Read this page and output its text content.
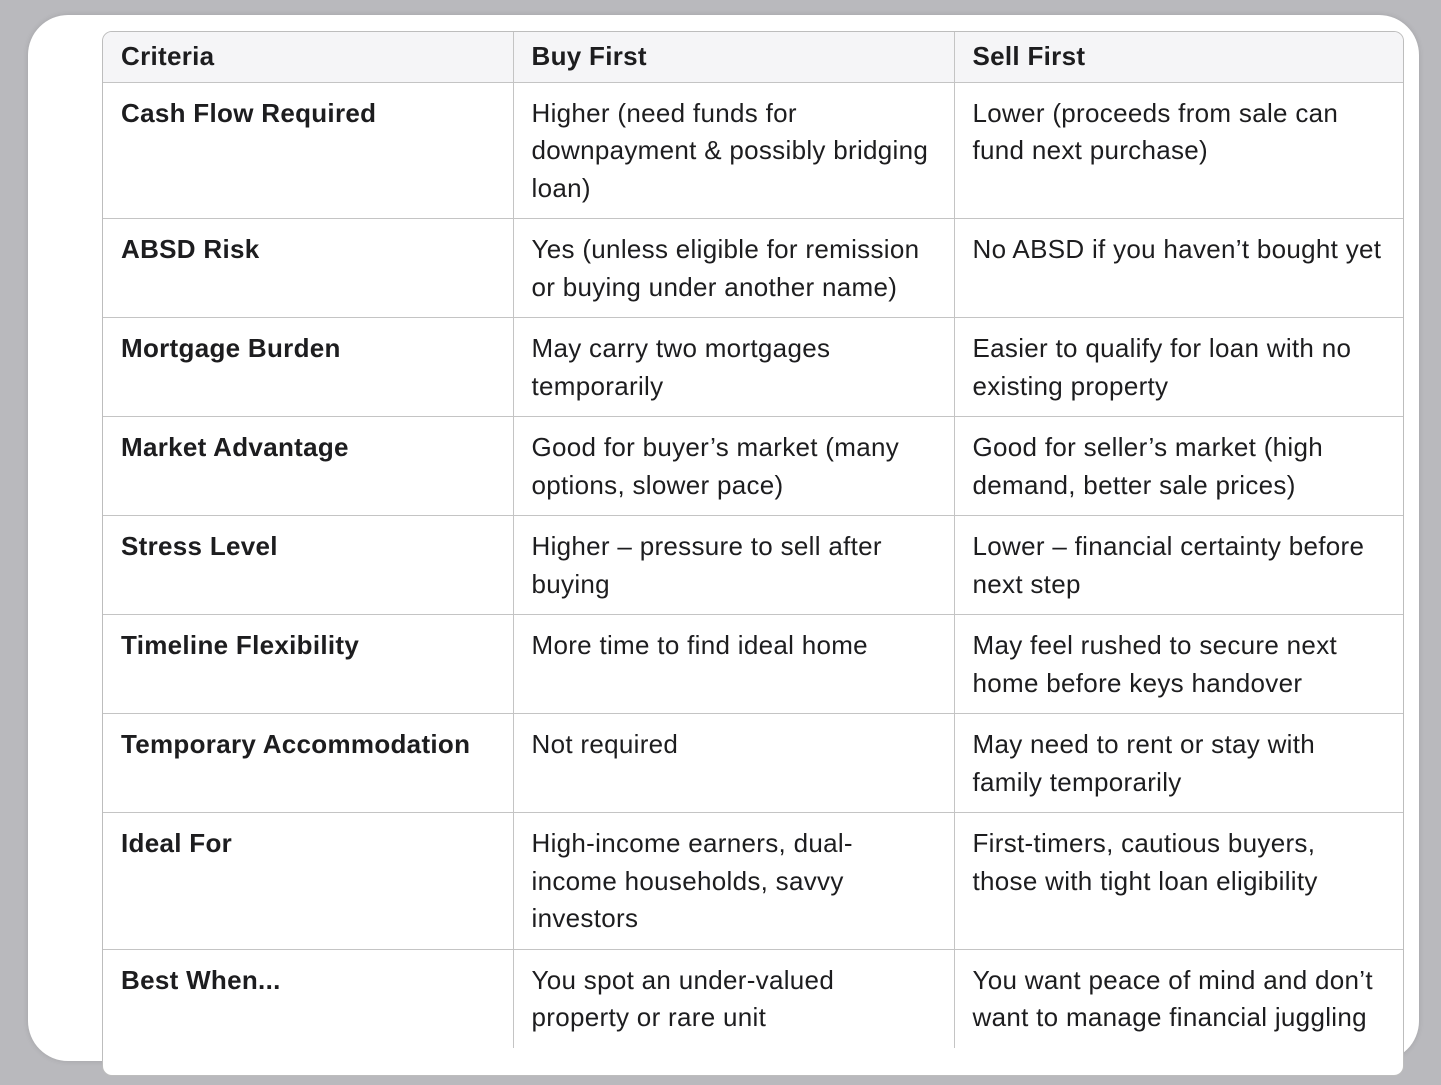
Criteria	Buy First	Sell First
Cash Flow Required	Higher (need funds for downpayment & possibly bridging loan)	Lower (proceeds from sale can fund next purchase)
ABSD Risk	Yes (unless eligible for remission or buying under another name)	No ABSD if you haven’t bought yet
Mortgage Burden	May carry two mortgages temporarily	Easier to qualify for loan with no existing property
Market Advantage	Good for buyer’s market (many options, slower pace)	Good for seller’s market (high demand, better sale prices)
Stress Level	Higher – pressure to sell after buying	Lower – financial certainty before next step
Timeline Flexibility	More time to find ideal home	May feel rushed to secure next home before keys handover
Temporary Accommodation	Not required	May need to rent or stay with family temporarily
Ideal For	High-income earners, dual-income households, savvy investors	First-timers, cautious buyers, those with tight loan eligibility
Best When...	You spot an under-valued property or rare unit	You want peace of mind and don’t want to manage financial juggling
